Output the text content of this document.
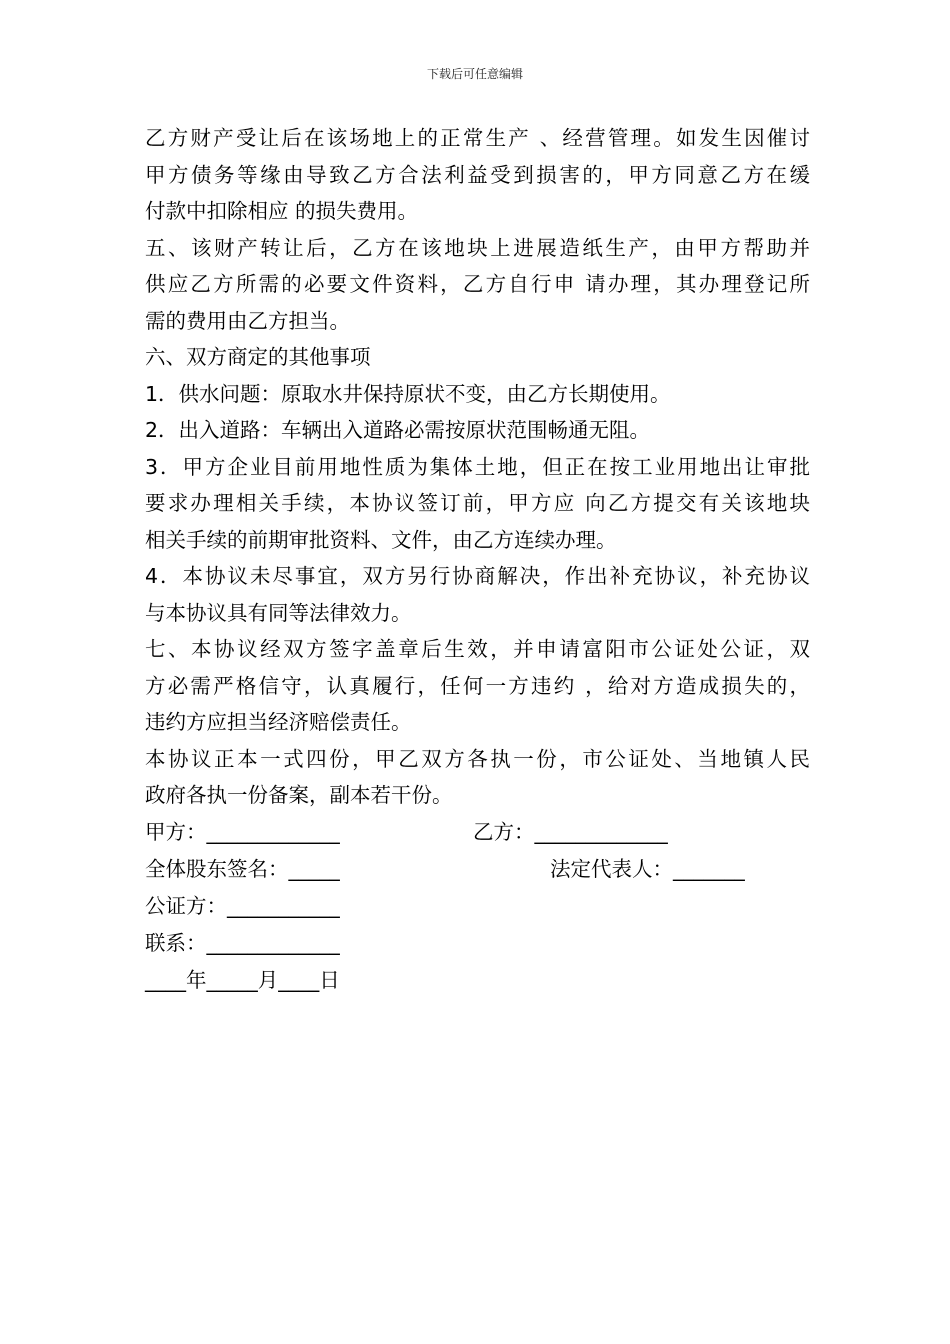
下载后可任意编辑
乙方财产受让后在该场地上的正常生产 、经营管理。如发生因催讨
甲方债务等缘由导致乙方合法利益受到损害的，甲方同意乙方在缓
付款中扣除相应 的损失费用。
五、该财产转让后，乙方在该地块上进展造纸生产，由甲方帮助并
供应乙方所需的必要文件资料，乙方自行申 请办理，其办理登记所
需的费用由乙方担当。
六、双方商定的其他事项
1．供水问题：原取水井保持原状不变，由乙方长期使用。
2．出入道路：车辆出入道路必需按原状范围畅通无阻。
3．甲方企业目前用地性质为集体土地，但正在按工业用地出让审批
要求办理相关手续，本协议签订前，甲方应 向乙方提交有关该地块
相关手续的前期审批资料、文件，由乙方连续办理。
4．本协议未尽事宜，双方另行协商解决，作出补充协议，补充协议
与本协议具有同等法律效力。
七、本协议经双方签字盖章后生效，并申请富阳市公证处公证，双
方必需严格信守，认真履行，任何一方违约 ，给对方造成损失的，
违约方应担当经济赔偿责任。
本协议正本一式四份，甲乙双方各执一份，市公证处、当地镇人民
政府各执一份备案，副本若干份。
甲方：_____________	乙方：_____________
全体股东签名：_____	法定代表人：_______
公证方：___________
联系：_____________
____年_____月____日
